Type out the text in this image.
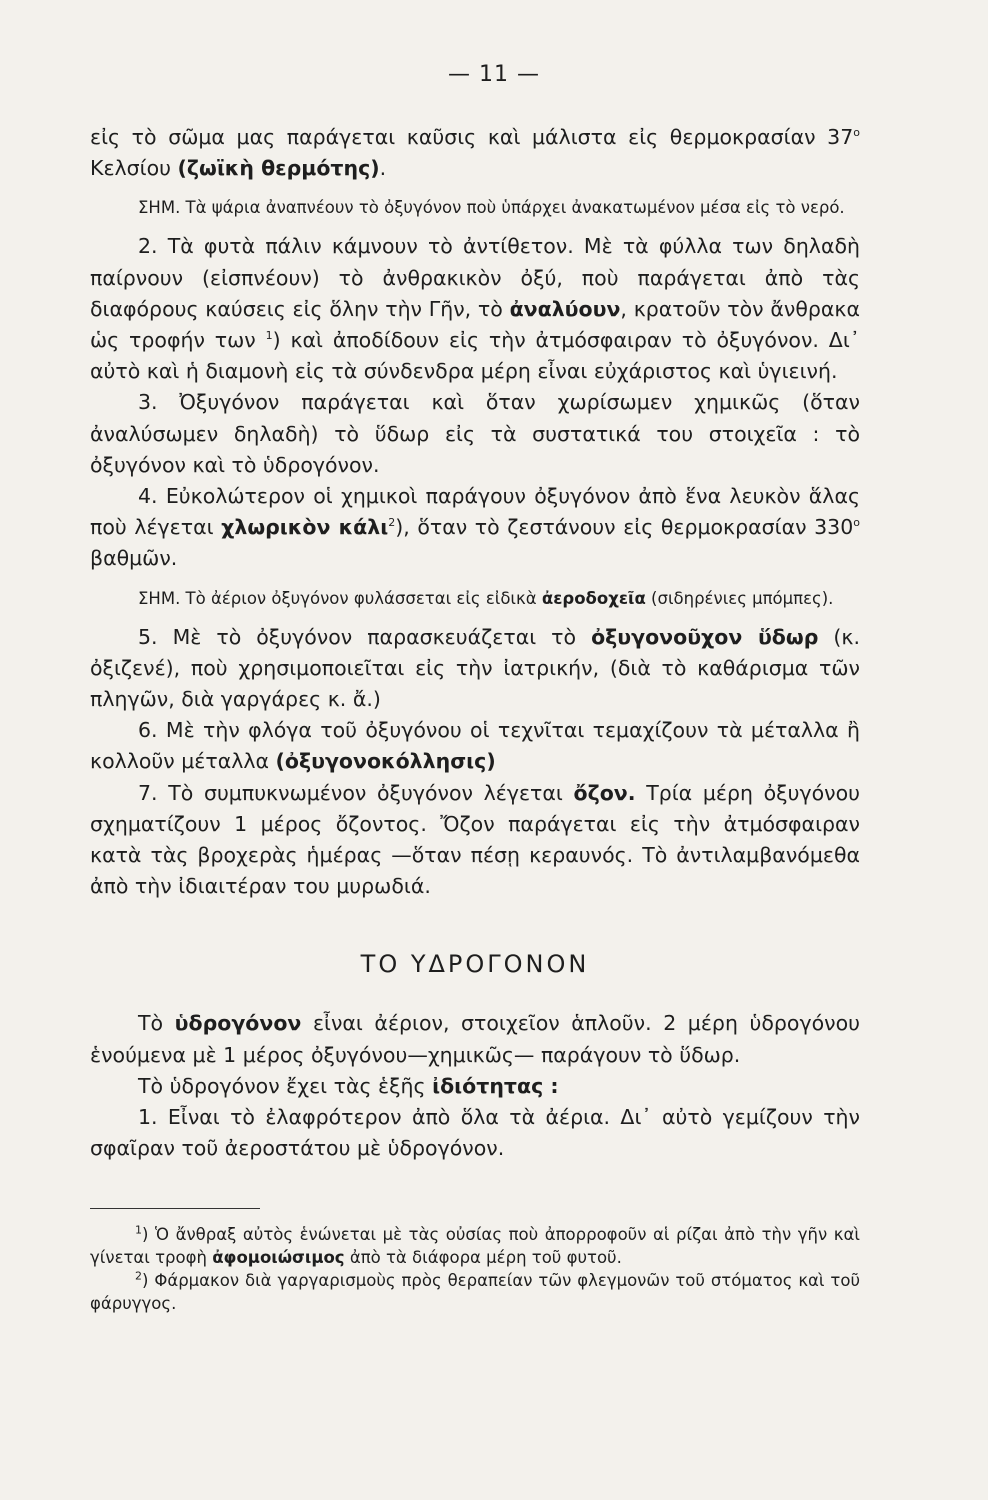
— 11 —

εἰς τὸ σῶμα μας παράγεται καῦσις καὶ μάλιστα εἰς θερμοκρασίαν $37^o$ Κελσίου (ζωϊκὴ θερμότης).

ΣΗΜ. Τὰ ψάρια ἀναπνέουν τὸ ὀξυγόνον ποὺ ὑπάρχει ἀνακατωμένον μέσα εἰς τὸ νερό.

2. Τὰ φυτὰ πάλιν κάμνουν τὸ ἀντίθετον. Μὲ τὰ φύλλα των δηλαδὴ παίρνουν (εἰσπνέουν) τὸ ἀνθρακικὸν ὀξύ, ποὺ παράγεται ἀπὸ τὰς διαφόρους καύσεις εἰς ὅλην τὴν Γῆν, τὸ ἀναλύουν, κρατοῦν τὸν ἄνθρακα ὡς τροφήν των $^1$) καὶ ἀποδίδουν εἰς τὴν ἀτμόσφαιραν τὸ ὀξυγόνον. Δι᾽ αὐτὸ καὶ ἡ διαμονὴ εἰς τὰ σύνδενδρα μέρη εἶναι εὐχάριστος καὶ ὑγιεινή.

3. Ὀξυγόνον παράγεται καὶ ὅταν χωρίσωμεν χημικῶς (ὅταν ἀναλύσωμεν δηλαδὴ) τὸ ὕδωρ εἰς τὰ συστατικά του στοιχεῖα : τὸ ὀξυγόνον καὶ τὸ ὑδρογόνον.

4. Εὐκολώτερον οἱ χημικοὶ παράγουν ὀξυγόνον ἀπὸ ἕνα λευκὸν ἅλας ποὺ λέγεται χλωρικὸν κάλι$^2$), ὅταν τὸ ζεστάνουν εἰς θερμοκρασίαν $330^o$ βαθμῶν.

ΣΗΜ. Τὸ ἀέριον ὀξυγόνον φυλάσσεται εἰς εἰδικὰ ἀεροδοχεῖα (σιδηρένιες μπόμπες).

5. Μὲ τὸ ὀξυγόνον παρασκευάζεται τὸ ὀξυγονοῦχον ὕδωρ (κ. ὀξιζενέ), ποὺ χρησιμοποιεῖται εἰς τὴν ἰατρικήν, (διὰ τὸ καθάρισμα τῶν πληγῶν, διὰ γαργάρες κ. ἄ.)

6. Μὲ τὴν φλόγα τοῦ ὀξυγόνου οἱ τεχνῖται τεμαχίζουν τὰ μέταλλα ἢ κολλοῦν μέταλλα (ὀξυγονοκόλλησις)

7. Τὸ συμπυκνωμένον ὀξυγόνον λέγεται ὄζον. Τρία μέρη ὀξυγόνου σχηματίζουν 1 μέρος ὄζοντος. Ὄζον παράγεται εἰς τὴν ἀτμόσφαιραν κατὰ τὰς βροχερὰς ἡμέρας —ὅταν πέσῃ κεραυνός. Τὸ ἀντιλαμβανόμεθα ἀπὸ τὴν ἰδιαιτέραν του μυρωδιά.

ΤΟ ΥΔΡΟΓΟΝΟΝ

Τὸ ὑδρογόνον εἶναι ἀέριον, στοιχεῖον ἁπλοῦν. 2 μέρη ὑδρογόνου ἑνούμενα μὲ 1 μέρος ὀξυγόνου—χημικῶς— παράγουν τὸ ὕδωρ.

Τὸ ὑδρογόνον ἔχει τὰς ἑξῆς ἰδιότητας :

1. Εἶναι τὸ ἐλαφρότερον ἀπὸ ὅλα τὰ ἀέρια. Δι᾽ αὐτὸ γεμίζουν τὴν σφαῖραν τοῦ ἀεροστάτου μὲ ὑδρογόνον.

$^1$) Ὁ ἄνθραξ αὐτὸς ἑνώνεται μὲ τὰς οὐσίας ποὺ ἀπορροφοῦν αἱ ρίζαι ἀπὸ τὴν γῆν καὶ γίνεται τροφὴ ἀφομοιώσιμος ἀπὸ τὰ διάφορα μέρη τοῦ φυτοῦ.

$^2$) Φάρμακον διὰ γαργαρισμοὺς πρὸς θεραπείαν τῶν φλεγμονῶν τοῦ στόματος καὶ τοῦ φάρυγγος.
